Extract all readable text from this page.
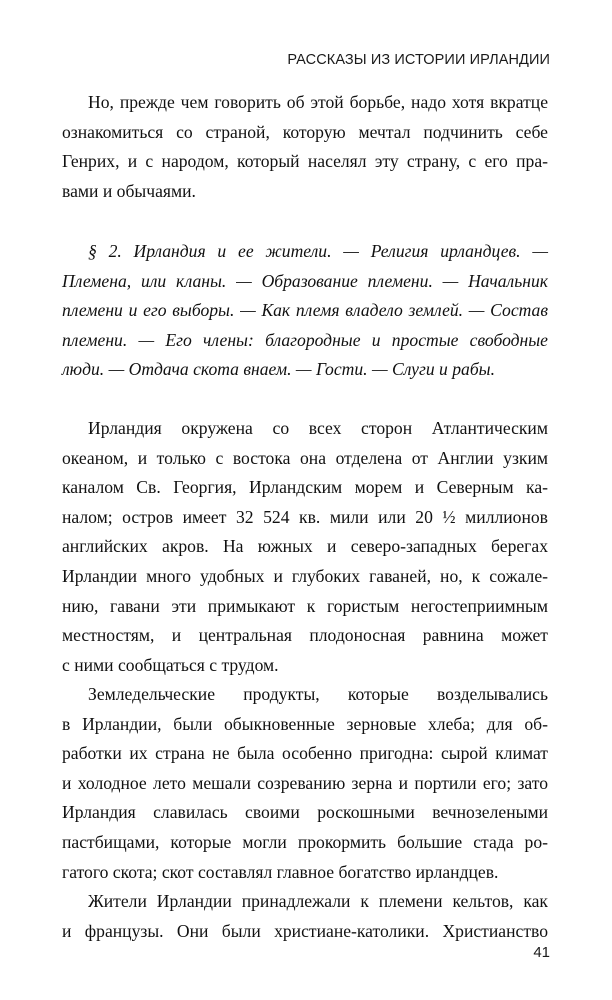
РАССКАЗЫ ИЗ ИСТОРИИ ИРЛАНДИИ
Но, прежде чем говорить об этой борьбе, надо хотя вкратце
ознакомиться со страной, которую мечтал подчинить себе
Генрих, и с народом, который населял эту страну, с его пра-
вами и обычаями.
§ 2. Ирландия и ее жители. — Религия ирландцев. —
Племена, или кланы. — Образование племени. — Начальник
племени и его выборы. — Как племя владело землей. — Состав
племени. — Его члены: благородные и простые свободные
люди. — Отдача скота внаем. — Гости. — Слуги и рабы.
Ирландия окружена со всех сторон Атлантическим
океаном, и только с востока она отделена от Англии узким
каналом Св. Георгия, Ирландским морем и Северным ка-
налом; остров имеет 32 524 кв. мили или 20 ½ миллионов
английских акров. На южных и северо-западных берегах
Ирландии много удобных и глубоких гаваней, но, к сожале-
нию, гавани эти примыкают к гористым негостеприимным
местностям, и центральная плодоносная равнина может
с ними сообщаться с трудом.
Земледельческие продукты, которые возделывались
в Ирландии, были обыкновенные зерновые хлеба; для об-
работки их страна не была особенно пригодна: сырой климат
и холодное лето мешали созреванию зерна и портили его; зато
Ирландия славилась своими роскошными вечнозелеными
пастбищами, которые могли прокормить большие стада ро-
гатого скота; скот составлял главное богатство ирландцев.
Жители Ирландии принадлежали к племени кельтов, как
и французы. Они были христиане-католики. Христианство
41
